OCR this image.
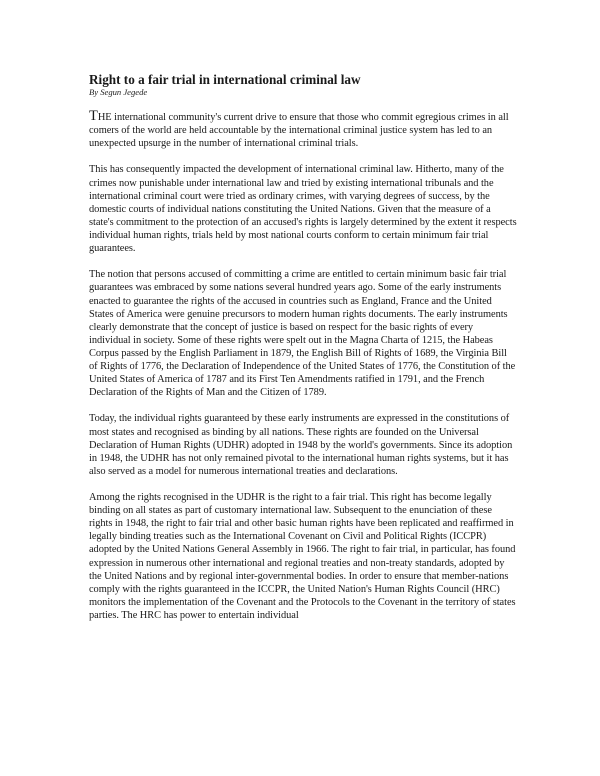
Right to a fair trial in international criminal law

By Segun Jegede

THE international community's current drive to ensure that those who commit egregious crimes in all comers of the world are held accountable by the international criminal justice system has led to an unexpected upsurge in the number of international criminal trials.

This has consequently impacted the development of international criminal law. Hitherto, many of the crimes now punishable under international law and tried by existing international tribunals and the international criminal court were tried as ordinary crimes, with varying degrees of success, by the domestic courts of individual nations constituting the United Nations. Given that the measure of a state's commitment to the protection of an accused's rights is largely determined by the extent it respects individual human rights, trials held by most national courts conform to certain minimum fair trial guarantees.

The notion that persons accused of committing a crime are entitled to certain minimum basic fair trial guarantees was embraced by some nations several hundred years ago. Some of the early instruments enacted to guarantee the rights of the accused in countries such as England, France and the United States of America were genuine precursors to modern human rights documents. The early instruments clearly demonstrate that the concept of justice is based on respect for the basic rights of every individual in society. Some of these rights were spelt out in the Magna Charta of 1215, the Habeas Corpus passed by the English Parliament in 1879, the English Bill of Rights of 1689, the Virginia Bill of Rights of 1776, the Declaration of Independence of the United States of 1776, the Constitution of the United States of America of 1787 and its First Ten Amendments ratified in 1791, and the French Declaration of the Rights of Man and the Citizen of 1789.

Today, the individual rights guaranteed by these early instruments are expressed in the constitutions of most states and recognised as binding by all nations. These rights are founded on the Universal Declaration of Human Rights (UDHR) adopted in 1948 by the world's governments. Since its adoption in 1948, the UDHR has not only remained pivotal to the international human rights systems, but it has also served as a model for numerous international treaties and declarations.

Among the rights recognised in the UDHR is the right to a fair trial. This right has become legally binding on all states as part of customary international law. Subsequent to the enunciation of these rights in 1948, the right to fair trial and other basic human rights have been replicated and reaffirmed in legally binding treaties such as the International Covenant on Civil and Political Rights (ICCPR) adopted by the United Nations General Assembly in 1966. The right to fair trial, in particular, has found expression in numerous other international and regional treaties and non-treaty standards, adopted by the United Nations and by regional inter-governmental bodies. In order to ensure that member-nations comply with the rights guaranteed in the ICCPR, the United Nation's Human Rights Council (HRC) monitors the implementation of the Covenant and the Protocols to the Covenant in the territory of states parties. The HRC has power to entertain individual
